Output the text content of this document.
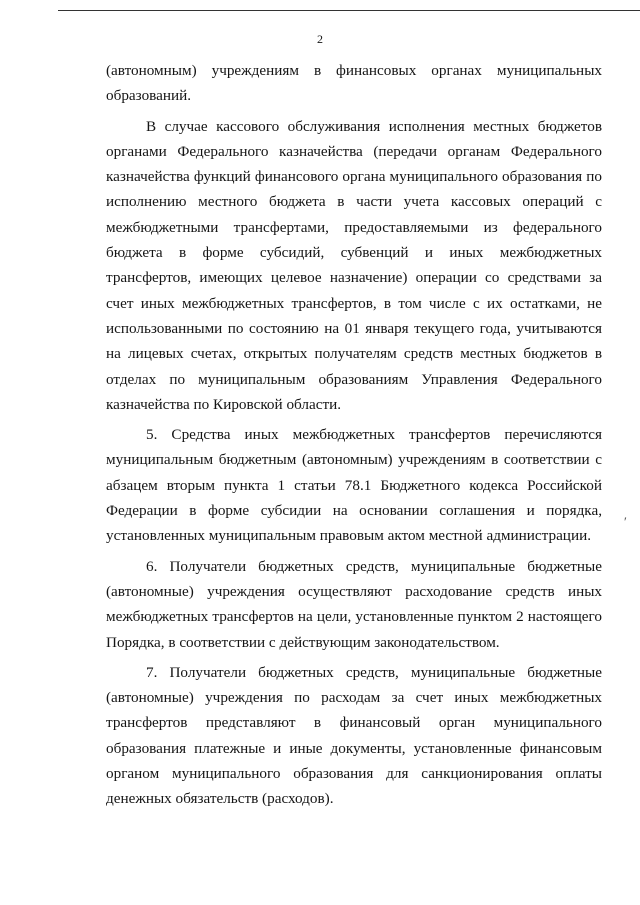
2

(автономным) учреждениям в финансовых органах муниципальных образований.

В случае кассового обслуживания исполнения местных бюджетов органами Федерального казначейства (передачи органам Федерального казначейства функций финансового органа муниципального образования по исполнению местного бюджета в части учета кассовых операций с межбюджетными трансфертами, предоставляемыми из федерального бюджета в форме субсидий, субвенций и иных межбюджетных трансфертов, имеющих целевое назначение) операции со средствами за счет иных межбюджетных трансфертов, в том числе с их остатками, не использованными по состоянию на 01 января текущего года, учитываются на лицевых счетах, открытых получателям средств местных бюджетов в отделах по муниципальным образованиям Управления Федерального казначейства по Кировской области.

5. Средства иных межбюджетных трансфертов перечисляются муниципальным бюджетным (автономным) учреждениям в соответствии с абзацем вторым пункта 1 статьи 78.1 Бюджетного кодекса Российской Федерации в форме субсидии на основании соглашения и порядка, установленных муниципальным правовым актом местной администрации.

6. Получатели бюджетных средств, муниципальные бюджетные (автономные) учреждения осуществляют расходование средств иных межбюджетных трансфертов на цели, установленные пунктом 2 настоящего Порядка, в соответствии с действующим законодательством.

7. Получатели бюджетных средств, муниципальные бюджетные (автономные) учреждения по расходам за счет иных межбюджетных трансфертов представляют в финансовый орган муниципального образования платежные и иные документы, установленные финансовым органом муниципального образования для санкционирования оплаты денежных обязательств (расходов).

ʹ
